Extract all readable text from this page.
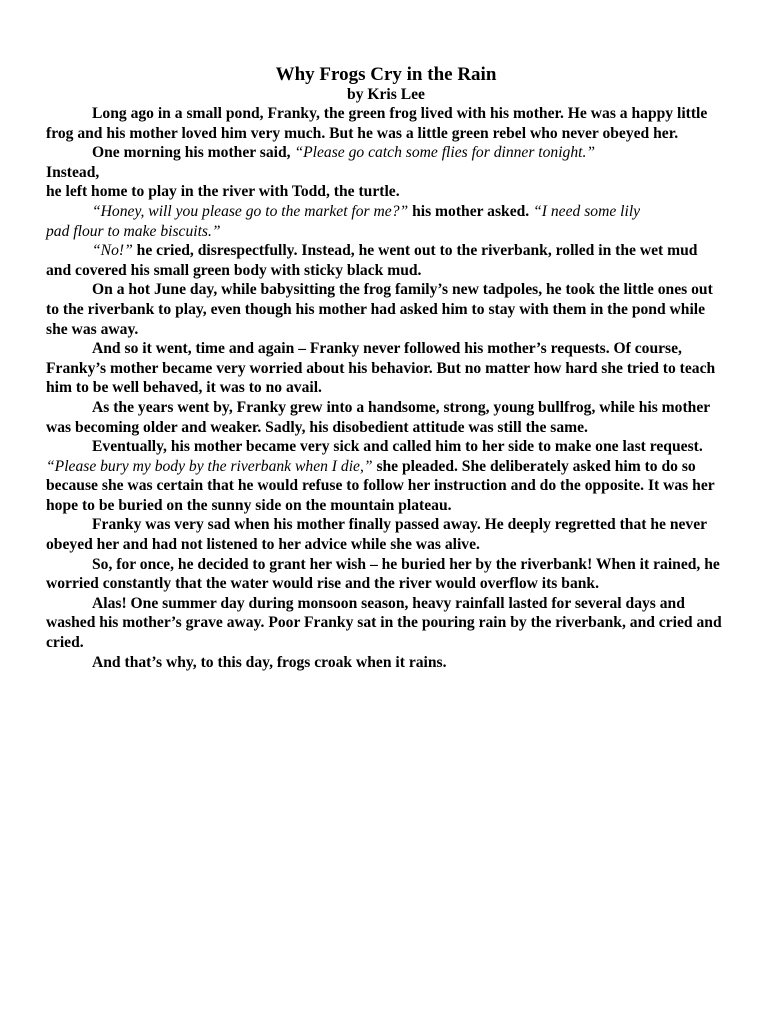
Why Frogs Cry in the Rain
by Kris Lee

Long ago in a small pond, Franky, the green frog lived with his mother. He was a happy little frog and his mother loved him very much. But he was a little green rebel who never obeyed her.

One morning his mother said, “Please go catch some flies for dinner tonight.”
Instead,

he left home to play in the river with Todd, the turtle.

“Honey, will you please go to the market for me?” his mother asked. “I need some lily

pad flour to make biscuits.”

“No!” he cried, disrespectfully. Instead, he went out to the riverbank, rolled in the wet mud and covered his small green body with sticky black mud.

On a hot June day, while babysitting the frog family’s new tadpoles, he took the little ones out to the riverbank to play, even though his mother had asked him to stay with them in the pond while she was away.

And so it went, time and again – Franky never followed his mother’s requests. Of course, Franky’s mother became very worried about his behavior. But no matter how hard she tried to teach him to be well behaved, it was to no avail.

As the years went by, Franky grew into a handsome, strong, young bullfrog, while his mother was becoming older and weaker. Sadly, his disobedient attitude was still the same.

Eventually, his mother became very sick and called him to her side to make one last request. “Please bury my body by the riverbank when I die,” she pleaded. She deliberately asked him to do so because she was certain that he would refuse to follow her instruction and do the opposite. It was her hope to be buried on the sunny side on the mountain plateau.

Franky was very sad when his mother finally passed away. He deeply regretted that he never obeyed her and had not listened to her advice while she was alive.

So, for once, he decided to grant her wish – he buried her by the riverbank! When it rained, he worried constantly that the water would rise and the river would overflow its bank.

Alas! One summer day during monsoon season, heavy rainfall lasted for several days and washed his mother’s grave away. Poor Franky sat in the pouring rain by the riverbank, and cried and cried.

And that’s why, to this day, frogs croak when it rains.
